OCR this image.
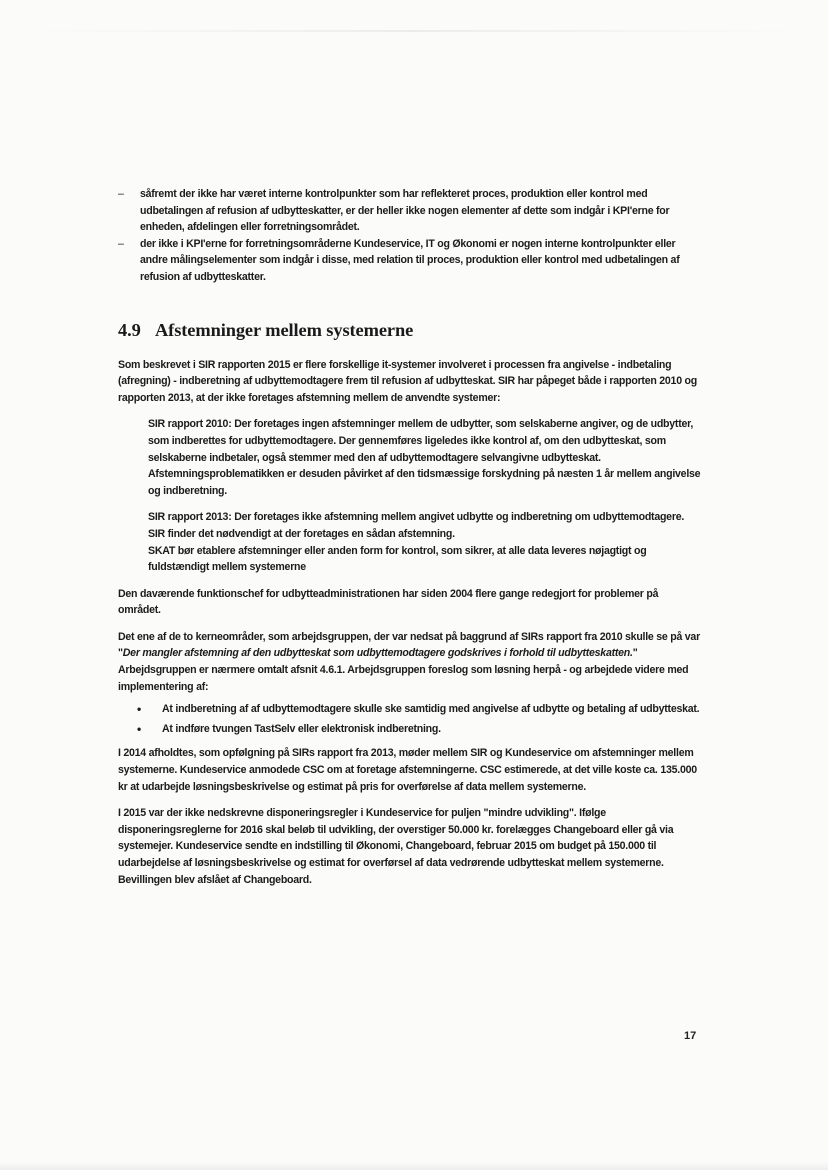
– såfremt der ikke har været interne kontrolpunkter som har reflekteret proces, produktion eller kontrol med udbetalingen af refusion af udbytteskatter, er der heller ikke nogen elementer af dette som indgår i KPI'erne for enheden, afdelingen eller forretningsområdet.
– der ikke i KPI'erne for forretningsområderne Kundeservice, IT og Økonomi er nogen interne kontrolpunkter eller andre målingselementer som indgår i disse, med relation til proces, produktion eller kontrol med udbetalingen af refusion af udbytteskatter.
4.9 Afstemninger mellem systemerne

Som beskrevet i SIR rapporten 2015 er flere forskellige it-systemer involveret i processen fra angivelse - indbetaling (afregning) - indberetning af udbyttemodtagere frem til refusion af udbytteskat. SIR har påpeget både i rapporten 2010 og rapporten 2013, at der ikke foretages afstemning mellem de anvendte systemer:

SIR rapport 2010: Der foretages ingen afstemninger mellem de udbytter, som selskaberne angiver, og de udbytter, som indberettes for udbyttemodtagere. Der gennemføres ligeledes ikke kontrol af, om den udbytteskat, som selskaberne indbetaler, også stemmer med den af udbyttemodtagere selvangivne udbytteskat. Afstemningsproblematikken er desuden påvirket af den tidsmæssige forskydning på næsten 1 år mellem angivelse og indberetning.

SIR rapport 2013: Der foretages ikke afstemning mellem angivet udbytte og indberetning om udbyttemodtagere. SIR finder det nødvendigt at der foretages en sådan afstemning.

SKAT bør etablere afstemninger eller anden form for kontrol, som sikrer, at alle data leveres nøjagtigt og fuldstændigt mellem systemerne

Den daværende funktionschef for udbytteadministrationen har siden 2004 flere gange redegjort for problemer på området.

Det ene af de to kerneområder, som arbejdsgruppen, der var nedsat på baggrund af SIRs rapport fra 2010 skulle se på var "Der mangler afstemning af den udbytteskat som udbyttemodtagere godskrives i forhold til udbytteskatten." Arbejdsgruppen er nærmere omtalt afsnit 4.6.1. Arbejdsgruppen foreslog som løsning herpå - og arbejdede videre med implementering af:

• At indberetning af af udbyttemodtagere skulle ske samtidig med angivelse af udbytte og betaling af udbytteskat.
• At indføre tvungen TastSelv eller elektronisk indberetning.

I 2014 afholdtes, som opfølgning på SIRs rapport fra 2013, møder mellem SIR og Kundeservice om afstemninger mellem systemerne. Kundeservice anmodede CSC om at foretage afstemningerne. CSC estimerede, at det ville koste ca. 135.000 kr at udarbejde løsningsbeskrivelse og estimat på pris for overførelse af data mellem systemerne.

I 2015 var der ikke nedskrevne disponeringsregler i Kundeservice for puljen "mindre udvikling". Ifølge disponeringsreglerne for 2016 skal beløb til udvikling, der overstiger 50.000 kr. forelægges Changeboard eller gå via systemejer. Kundeservice sendte en indstilling til Økonomi, Changeboard, februar 2015 om budget på 150.000 til udarbejdelse af løsningsbeskrivelse og estimat for overførsel af data vedrørende udbytteskat mellem systemerne. Bevillingen blev afslået af Changeboard.

17
